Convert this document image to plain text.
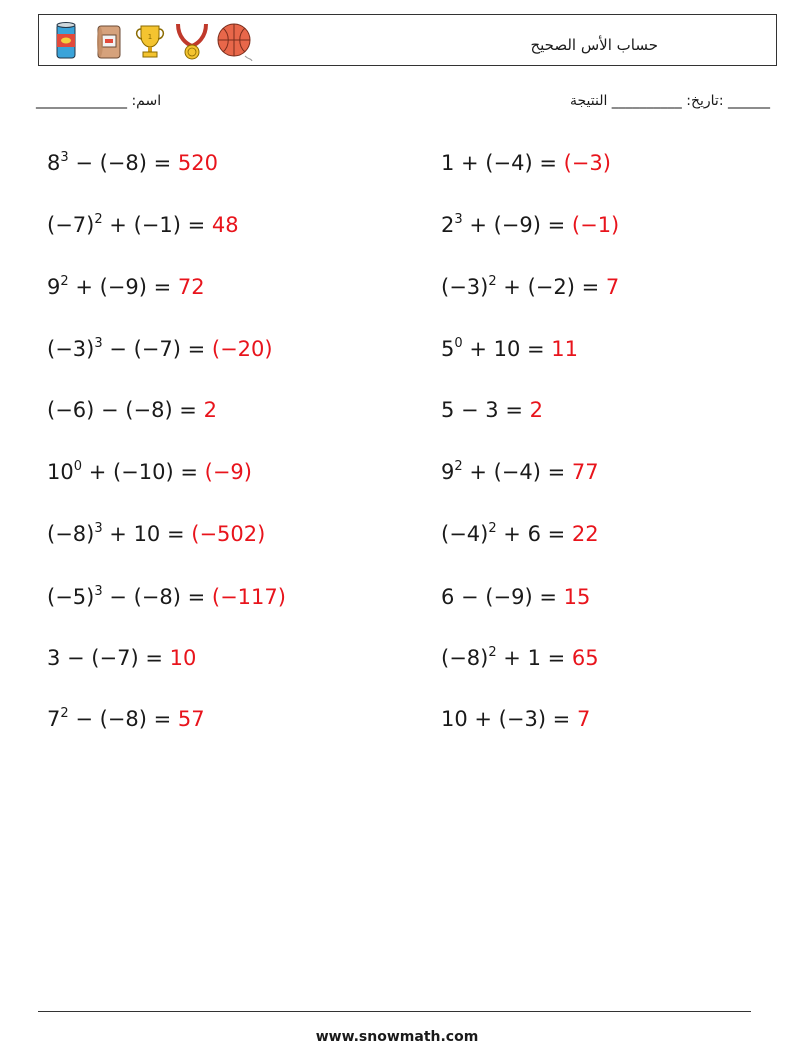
1	حساب الأس الصحيح
______ :تاريخ: __________ النتيجة
اسم: _____________
$8^3 - (-8) = 520$	1 + (−4) = (−3)
$(-7)^2 + (-1) = 48$	$2^3 + (-9) = (-1)$
$9^2 + (-9) = 72$	$(-3)^2 + (-2) = 7$
$(-3)^3 - (-7) = (-20)$	$5^0 + 10 = 11$
(−6) − (−8) = 2	5 − 3 = 2
$10^0 + (-10) = (-9)$	$9^2 + (-4) = 77$
$(-8)^3 + 10 = (-502)$	$(-4)^2 + 6 = 22$
$(-5)^3 - (-8) = (-117)$	6 − (−9) = 15
3 − (−7) = 10	$(-8)^2 + 1 = 65$
$7^2 - (-8) = 57$	10 + (−3) = 7
www.snowmath.com
